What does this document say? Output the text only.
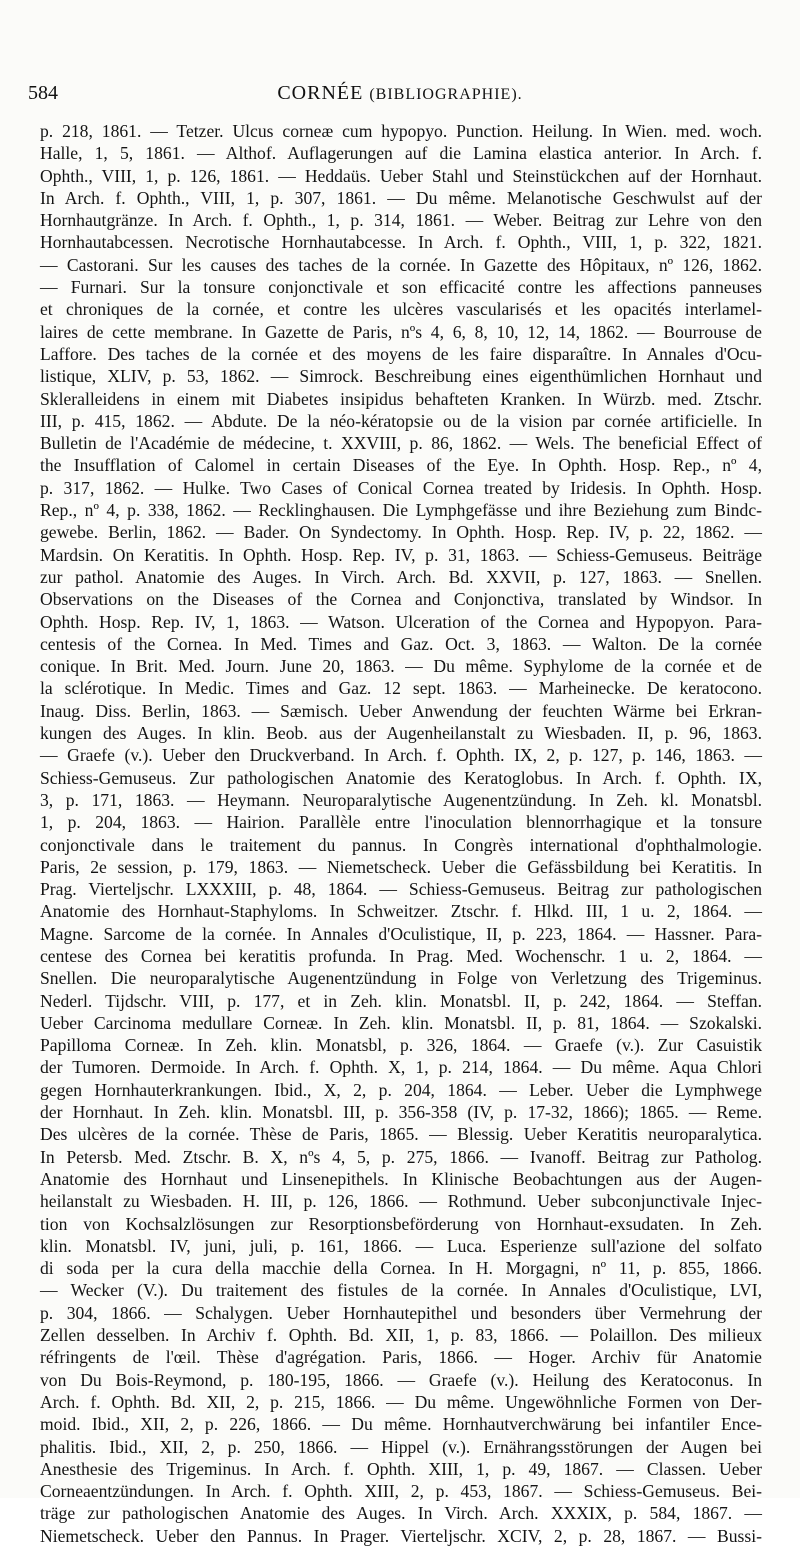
584	CORNÉE (BIBLIOGRAPHIE).
p. 218, 1861. — Tetzer. Ulcus corneæ cum hypopyo. Punction. Heilung. In Wien. med. woch.
Halle, 1, 5, 1861. — Althof. Auflagerungen auf die Lamina elastica anterior. In Arch. f.
Ophth., VIII, 1, p. 126, 1861. — Heddaüs. Ueber Stahl und Steinstückchen auf der Hornhaut.
In Arch. f. Ophth., VIII, 1, p. 307, 1861. — Du même. Melanotische Geschwulst auf der
Hornhautgränze. In Arch. f. Ophth., 1, p. 314, 1861. — Weber. Beitrag zur Lehre von den
Hornhautabcessen. Necrotische Hornhautabcesse. In Arch. f. Ophth., VIII, 1, p. 322, 1821.
— Castorani. Sur les causes des taches de la cornée. In Gazette des Hôpitaux, nº 126, 1862.
— Furnari. Sur la tonsure conjonctivale et son efficacité contre les affections panneuses
et chroniques de la cornée, et contre les ulcères vascularisés et les opacités interlamel-
laires de cette membrane. In Gazette de Paris, nºs 4, 6, 8, 10, 12, 14, 1862. — Bourrouse de
Laffore. Des taches de la cornée et des moyens de les faire disparaître. In Annales d'Ocu-
listique, XLIV, p. 53, 1862. — Simrock. Beschreibung eines eigenthümlichen Hornhaut und
Skleralleidens in einem mit Diabetes insipidus behafteten Kranken. In Würzb. med. Ztschr.
III, p. 415, 1862. — Abdute. De la néo-kératopsie ou de la vision par cornée artificielle. In
Bulletin de l'Académie de médecine, t. XXVIII, p. 86, 1862. — Wels. The beneficial Effect of
the Insufflation of Calomel in certain Diseases of the Eye. In Ophth. Hosp. Rep., nº 4,
p. 317, 1862. — Hulke. Two Cases of Conical Cornea treated by Iridesis. In Ophth. Hosp.
Rep., nº 4, p. 338, 1862. — Recklinghausen. Die Lymphgefässe und ihre Beziehung zum Bindc-
gewebe. Berlin, 1862. — Bader. On Syndectomy. In Ophth. Hosp. Rep. IV, p. 22, 1862. —
Mardsin. On Keratitis. In Ophth. Hosp. Rep. IV, p. 31, 1863. — Schiess-Gemuseus. Beiträge
zur pathol. Anatomie des Auges. In Virch. Arch. Bd. XXVII, p. 127, 1863. — Snellen.
Observations on the Diseases of the Cornea and Conjonctiva, translated by Windsor. In
Ophth. Hosp. Rep. IV, 1, 1863. — Watson. Ulceration of the Cornea and Hypopyon. Para-
centesis of the Cornea. In Med. Times and Gaz. Oct. 3, 1863. — Walton. De la cornée
conique. In Brit. Med. Journ. June 20, 1863. — Du même. Syphylome de la cornée et de
la sclérotique. In Medic. Times and Gaz. 12 sept. 1863. — Marheinecke. De keratocono.
Inaug. Diss. Berlin, 1863. — Sæmisch. Ueber Anwendung der feuchten Wärme bei Erkran-
kungen des Auges. In klin. Beob. aus der Augenheilanstalt zu Wiesbaden. II, p. 96, 1863.
— Graefe (v.). Ueber den Druckverband. In Arch. f. Ophth. IX, 2, p. 127, p. 146, 1863. —
Schiess-Gemuseus. Zur pathologischen Anatomie des Keratoglobus. In Arch. f. Ophth. IX,
3, p. 171, 1863. — Heymann. Neuroparalytische Augenentzündung. In Zeh. kl. Monatsbl.
1, p. 204, 1863. — Hairion. Parallèle entre l'inoculation blennorrhagique et la tonsure
conjonctivale dans le traitement du pannus. In Congrès international d'ophthalmologie.
Paris, 2e session, p. 179, 1863. — Niemetscheck. Ueber die Gefässbildung bei Keratitis. In
Prag. Vierteljschr. LXXXIII, p. 48, 1864. — Schiess-Gemuseus. Beitrag zur pathologischen
Anatomie des Hornhaut-Staphyloms. In Schweitzer. Ztschr. f. Hlkd. III, 1 u. 2, 1864. —
Magne. Sarcome de la cornée. In Annales d'Oculistique, II, p. 223, 1864. — Hassner. Para-
centese des Cornea bei keratitis profunda. In Prag. Med. Wochenschr. 1 u. 2, 1864. —
Snellen. Die neuroparalytische Augenentzündung in Folge von Verletzung des Trigeminus.
Nederl. Tijdschr. VIII, p. 177, et in Zeh. klin. Monatsbl. II, p. 242, 1864. — Steffan.
Ueber Carcinoma medullare Corneæ. In Zeh. klin. Monatsbl. II, p. 81, 1864. — Szokalski.
Papilloma Corneæ. In Zeh. klin. Monatsbl, p. 326, 1864. — Graefe (v.). Zur Casuistik
der Tumoren. Dermoide. In Arch. f. Ophth. X, 1, p. 214, 1864. — Du même. Aqua Chlori
gegen Hornhauterkrankungen. Ibid., X, 2, p. 204, 1864. — Leber. Ueber die Lymphwege
der Hornhaut. In Zeh. klin. Monatsbl. III, p. 356-358 (IV, p. 17-32, 1866); 1865. — Reme.
Des ulcères de la cornée. Thèse de Paris, 1865. — Blessig. Ueber Keratitis neuroparalytica.
In Petersb. Med. Ztschr. B. X, nºs 4, 5, p. 275, 1866. — Ivanoff. Beitrag zur Patholog.
Anatomie des Hornhaut und Linsenepithels. In Klinische Beobachtungen aus der Augen-
heilanstalt zu Wiesbaden. H. III, p. 126, 1866. — Rothmund. Ueber subconjunctivale Injec-
tion von Kochsalzlösungen zur Resorptionsbeförderung von Hornhaut-exsudaten. In Zeh.
klin. Monatsbl. IV, juni, juli, p. 161, 1866. — Luca. Esperienze sull'azione del solfato
di soda per la cura della macchie della Cornea. In H. Morgagni, nº 11, p. 855, 1866.
— Wecker (V.). Du traitement des fistules de la cornée. In Annales d'Oculistique, LVI,
p. 304, 1866. — Schalygen. Ueber Hornhautepithel und besonders über Vermehrung der
Zellen desselben. In Archiv f. Ophth. Bd. XII, 1, p. 83, 1866. — Polaillon. Des milieux
réfringents de l'œil. Thèse d'agrégation. Paris, 1866. — Hoger. Archiv für Anatomie
von Du Bois-Reymond, p. 180-195, 1866. — Graefe (v.). Heilung des Keratoconus. In
Arch. f. Ophth. Bd. XII, 2, p. 215, 1866. — Du même. Ungewöhnliche Formen von Der-
moid. Ibid., XII, 2, p. 226, 1866. — Du même. Hornhautverchwärung bei infantiler Ence-
phalitis. Ibid., XII, 2, p. 250, 1866. — Hippel (v.). Ernährangsstörungen der Augen bei
Anesthesie des Trigeminus. In Arch. f. Ophth. XIII, 1, p. 49, 1867. — Classen. Ueber
Corneaentzündungen. In Arch. f. Ophth. XIII, 2, p. 453, 1867. — Schiess-Gemuseus. Bei-
träge zur pathologischen Anatomie des Auges. In Virch. Arch. XXXIX, p. 584, 1867. —
Niemetscheck. Ueber den Pannus. In Prager. Vierteljschr. XCIV, 2, p. 28, 1867. — Bussi-
